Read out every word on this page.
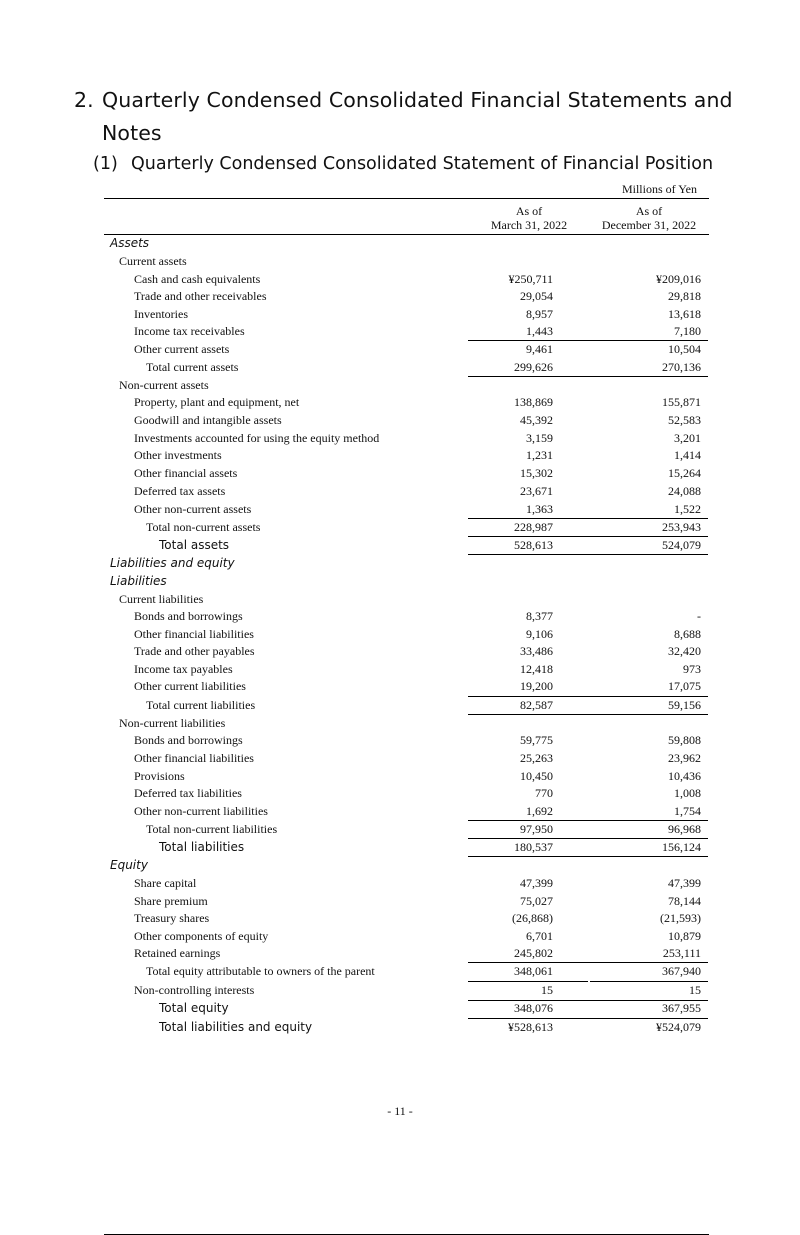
2. Quarterly Condensed Consolidated Financial Statements and Notes
(1) Quarterly Condensed Consolidated Statement of Financial Position
Millions of Yen
As of
March 31, 2022
As of
December 31, 2022
Assets
Current assets
Cash and cash equivalents	¥250,711	¥209,016
Trade and other receivables	29,054	29,818
Inventories	8,957	13,618
Income tax receivables	1,443	7,180
Other current assets	9,461	10,504
Total current assets	299,626	270,136
Non-current assets
Property, plant and equipment, net	138,869	155,871
Goodwill and intangible assets	45,392	52,583
Investments accounted for using the equity method	3,159	3,201
Other investments	1,231	1,414
Other financial assets	15,302	15,264
Deferred tax assets	23,671	24,088
Other non-current assets	1,363	1,522
Total non-current assets	228,987	253,943
Total assets	528,613	524,079
Liabilities and equity
Liabilities
Current liabilities
Bonds and borrowings	8,377	-
Other financial liabilities	9,106	8,688
Trade and other payables	33,486	32,420
Income tax payables	12,418	973
Other current liabilities	19,200	17,075
Total current liabilities	82,587	59,156
Non-current liabilities
Bonds and borrowings	59,775	59,808
Other financial liabilities	25,263	23,962
Provisions	10,450	10,436
Deferred tax liabilities	770	1,008
Other non-current liabilities	1,692	1,754
Total non-current liabilities	97,950	96,968
Total liabilities	180,537	156,124
Equity
Share capital	47,399	47,399
Share premium	75,027	78,144
Treasury shares	(26,868)	(21,593)
Other components of equity	6,701	10,879
Retained earnings	245,802	253,111
Total equity attributable to owners of the parent	348,061	367,940
Non-controlling interests	15	15
Total equity	348,076	367,955
Total liabilities and equity	¥528,613	¥524,079
- 11 -
